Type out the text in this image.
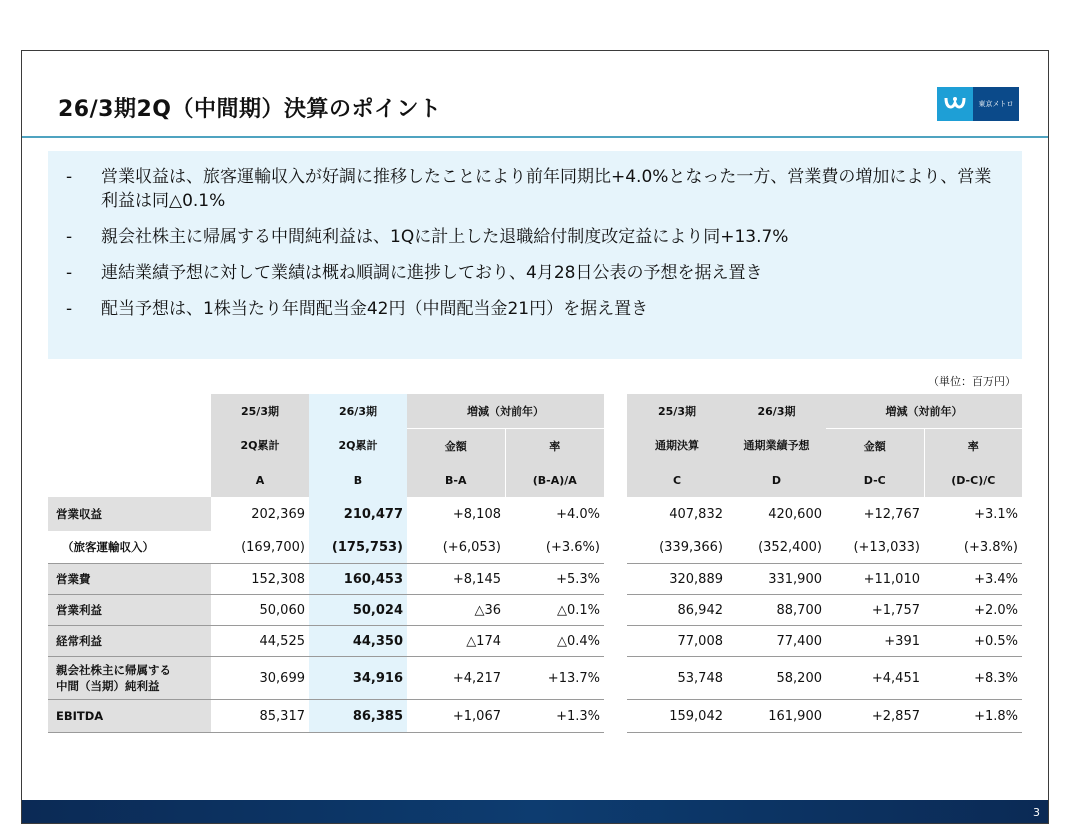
26/3期2Q（中間期）決算のポイント	東京メトロ
-	営業収益は、旅客運輸収入が好調に推移したことにより前年同期比+4.0%となった一方、営業費の増加により、営業利益は同△0.1%
-	親会社株主に帰属する中間純利益は、1Qに計上した退職給付制度改定益により同+13.7%
-	連結業績予想に対して業績は概ね順調に進捗しており、4月28日公表の予想を据え置き
-	配当予想は、1株当たり年間配当金42円（中間配当金21円）を据え置き
（単位：百万円）
	25/3期	26/3期	増減（対前年）	
	2Q累計	2Q累計	金額	率
	A	B	B-A	(B-A)/A
営業収益	202,369	210,477	+8,108	+4.0%
（旅客運輸収入）	(169,700)	(175,753)	(+6,053)	(+3.6%)
営業費	152,308	160,453	+8,145	+5.3%
営業利益	50,060	50,024	△36	△0.1%
経常利益	44,525	44,350	△174	△0.4%
親会社株主に帰属する
中間（当期）純利益	30,699	34,916	+4,217	+13.7%
EBITDA	85,317	86,385	+1,067	+1.3%
25/3期	26/3期	増減（対前年）	
通期決算	通期業績予想	金額	率
C	D	D-C	(D-C)/C
407,832	420,600	+12,767	+3.1%
(339,366)	(352,400)	(+13,033)	(+3.8%)
320,889	331,900	+11,010	+3.4%
86,942	88,700	+1,757	+2.0%
77,008	77,400	+391	+0.5%
53,748	58,200	+4,451	+8.3%
159,042	161,900	+2,857	+1.8%
3
